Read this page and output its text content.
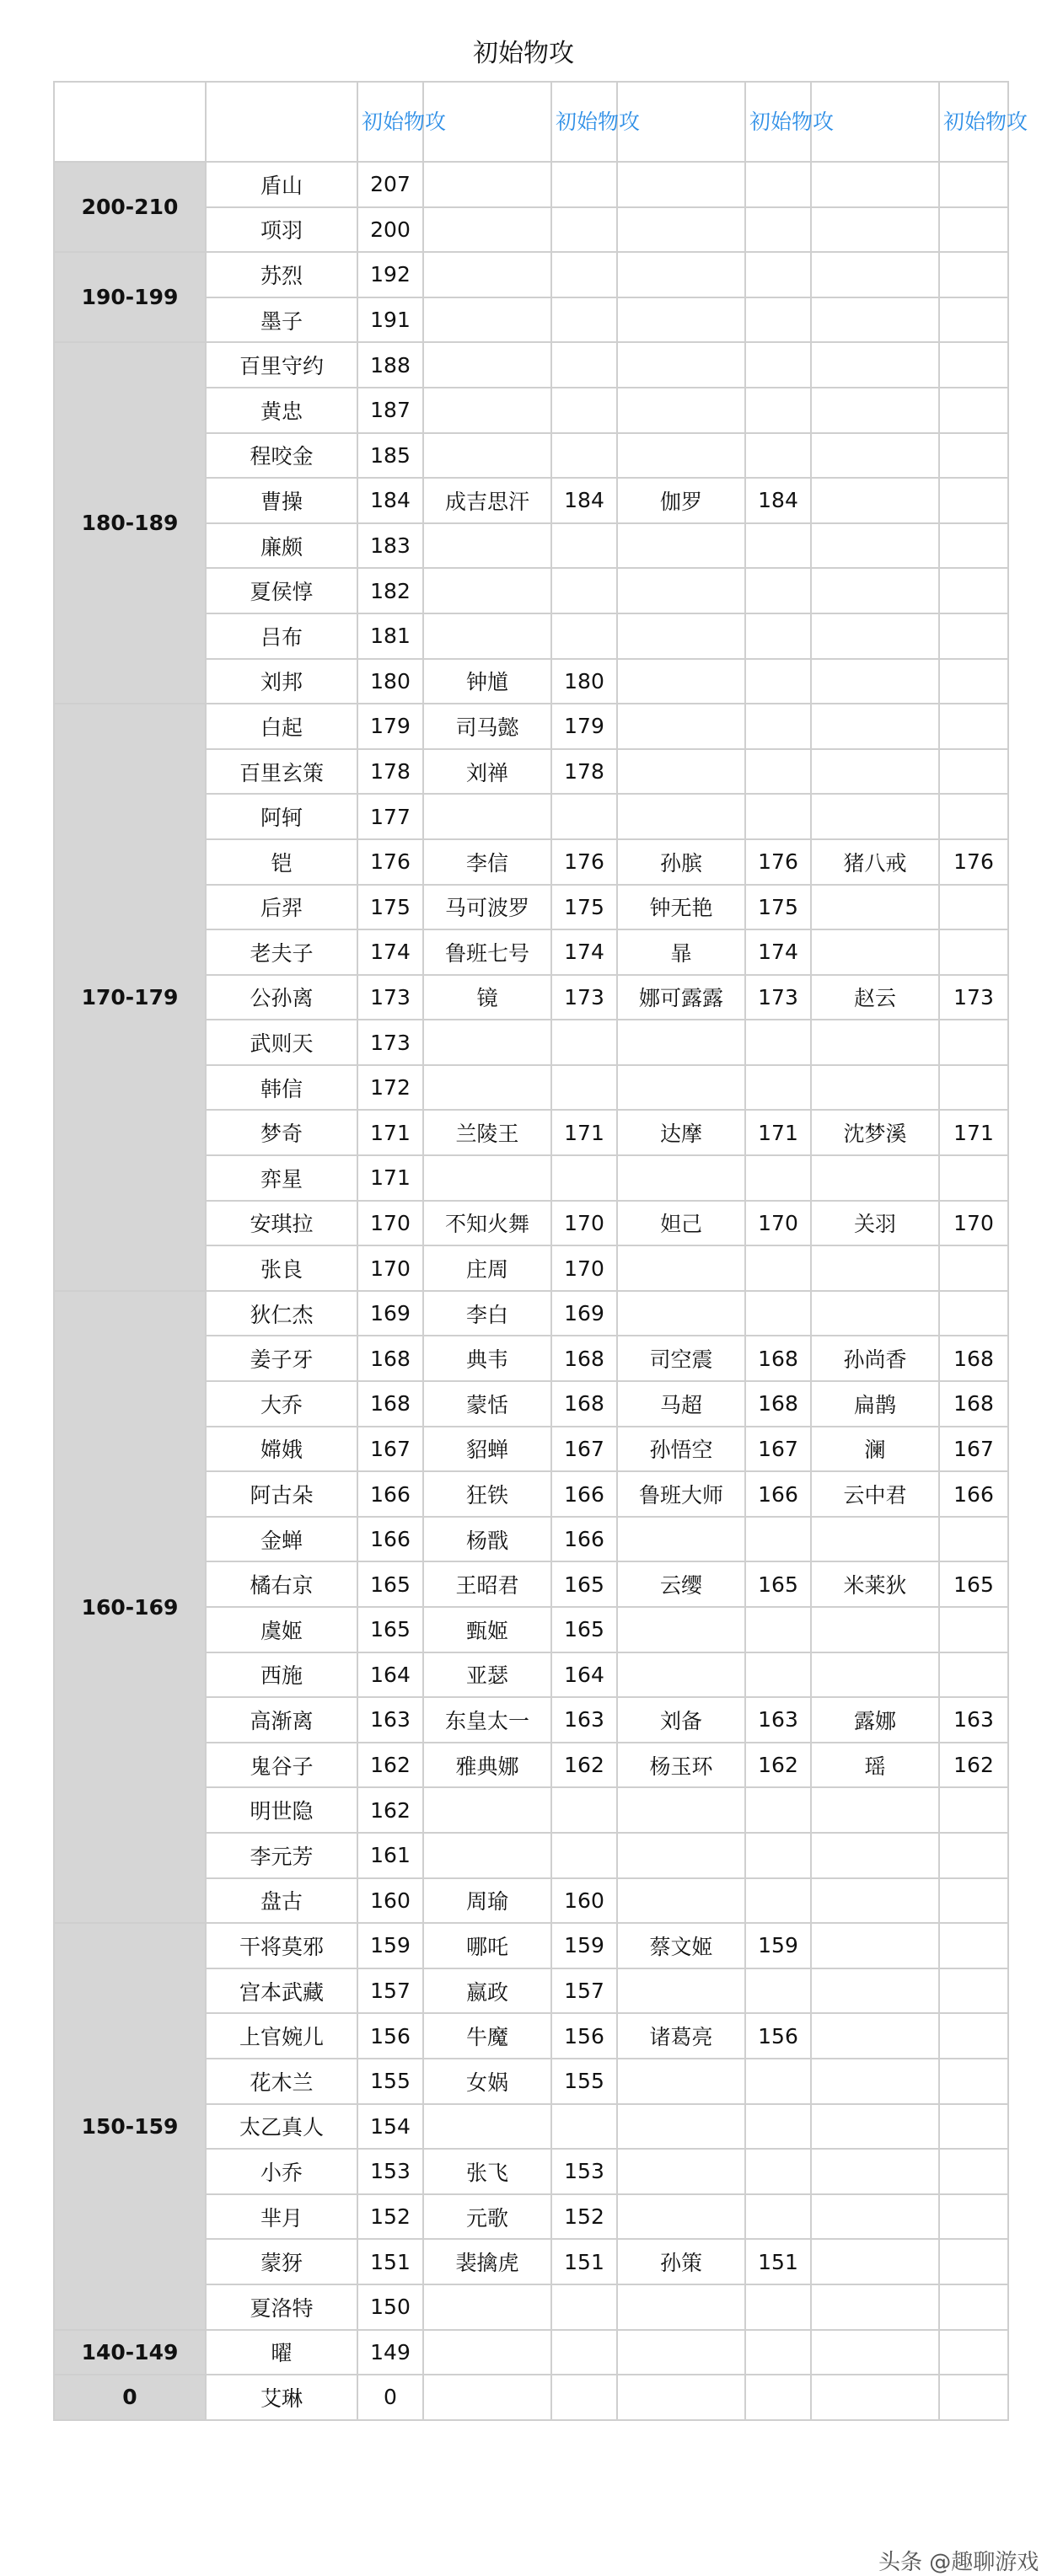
初始物攻
		初始物攻		初始物攻		初始物攻		初始物攻
200-210	盾山	207						
	项羽	200						
190-199	苏烈	192						
	墨子	191						
180-189	百里守约	188						
	黄忠	187						
	程咬金	185						
	曹操	184	成吉思汗	184	伽罗	184		
	廉颇	183						
	夏侯惇	182						
	吕布	181						
	刘邦	180	钟馗	180				
170-179	白起	179	司马懿	179				
	百里玄策	178	刘禅	178				
	阿轲	177						
	铠	176	李信	176	孙膑	176	猪八戒	176
	后羿	175	马可波罗	175	钟无艳	175		
	老夫子	174	鲁班七号	174	暃	174		
	公孙离	173	镜	173	娜可露露	173	赵云	173
	武则天	173						
	韩信	172						
	梦奇	171	兰陵王	171	达摩	171	沈梦溪	171
	弈星	171						
	安琪拉	170	不知火舞	170	妲己	170	关羽	170
	张良	170	庄周	170				
160-169	狄仁杰	169	李白	169				
	姜子牙	168	典韦	168	司空震	168	孙尚香	168
	大乔	168	蒙恬	168	马超	168	扁鹊	168
	嫦娥	167	貂蝉	167	孙悟空	167	澜	167
	阿古朵	166	狂铁	166	鲁班大师	166	云中君	166
	金蝉	166	杨戬	166				
	橘右京	165	王昭君	165	云缨	165	米莱狄	165
	虞姬	165	甄姬	165				
	西施	164	亚瑟	164				
	高渐离	163	东皇太一	163	刘备	163	露娜	163
	鬼谷子	162	雅典娜	162	杨玉环	162	瑶	162
	明世隐	162						
	李元芳	161						
	盘古	160	周瑜	160				
150-159	干将莫邪	159	哪吒	159	蔡文姬	159		
	宫本武藏	157	嬴政	157				
	上官婉儿	156	牛魔	156	诸葛亮	156		
	花木兰	155	女娲	155				
	太乙真人	154						
	小乔	153	张飞	153				
	芈月	152	元歌	152				
	蒙犽	151	裴擒虎	151	孙策	151		
	夏洛特	150						
140-149	曜	149						
0	艾琳	0						
头条 @趣聊游戏
